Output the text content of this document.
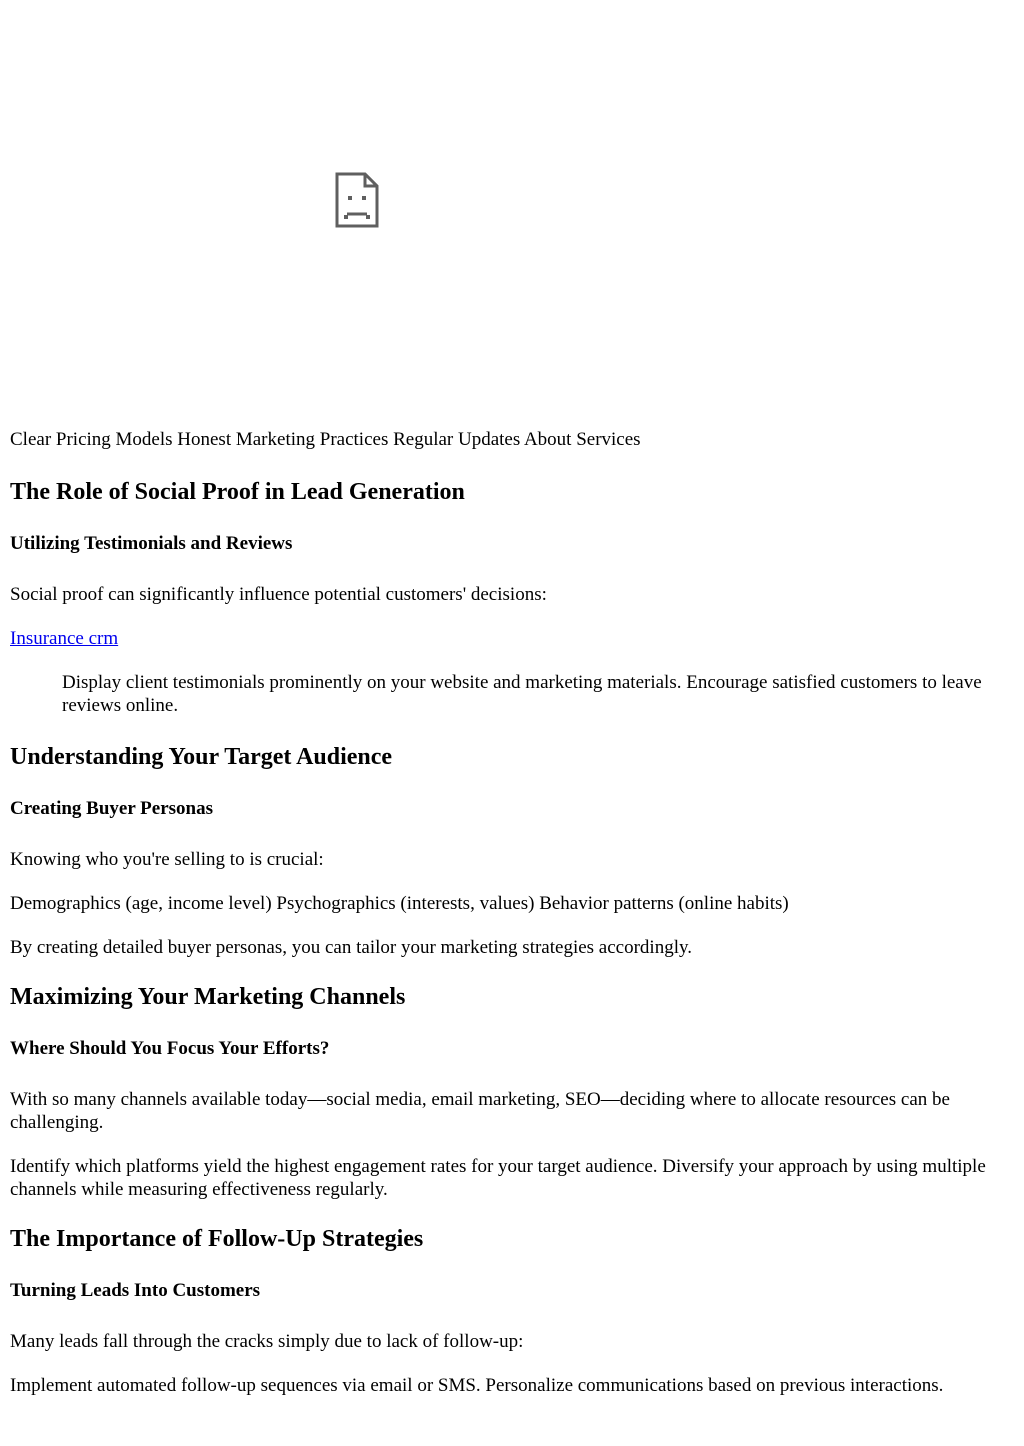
Clear Pricing Models Honest Marketing Practices Regular Updates About Services

The Role of Social Proof in Lead Generation
Utilizing Testimonials and Reviews

Social proof can significantly influence potential customers' decisions:

Insurance crm

Display client testimonials prominently on your website and marketing materials. Encourage satisfied customers to leave reviews online.

Understanding Your Target Audience
Creating Buyer Personas

Knowing who you're selling to is crucial:

Demographics (age, income level) Psychographics (interests, values) Behavior patterns (online habits)

By creating detailed buyer personas, you can tailor your marketing strategies accordingly.

Maximizing Your Marketing Channels
Where Should You Focus Your Efforts?

With so many channels available today—social media, email marketing, SEO—deciding where to allocate resources can be challenging.

Identify which platforms yield the highest engagement rates for your target audience. Diversify your approach by using multiple channels while measuring effectiveness regularly.

The Importance of Follow-Up Strategies
Turning Leads Into Customers

Many leads fall through the cracks simply due to lack of follow-up:

Implement automated follow-up sequences via email or SMS. Personalize communications based on previous interactions.
